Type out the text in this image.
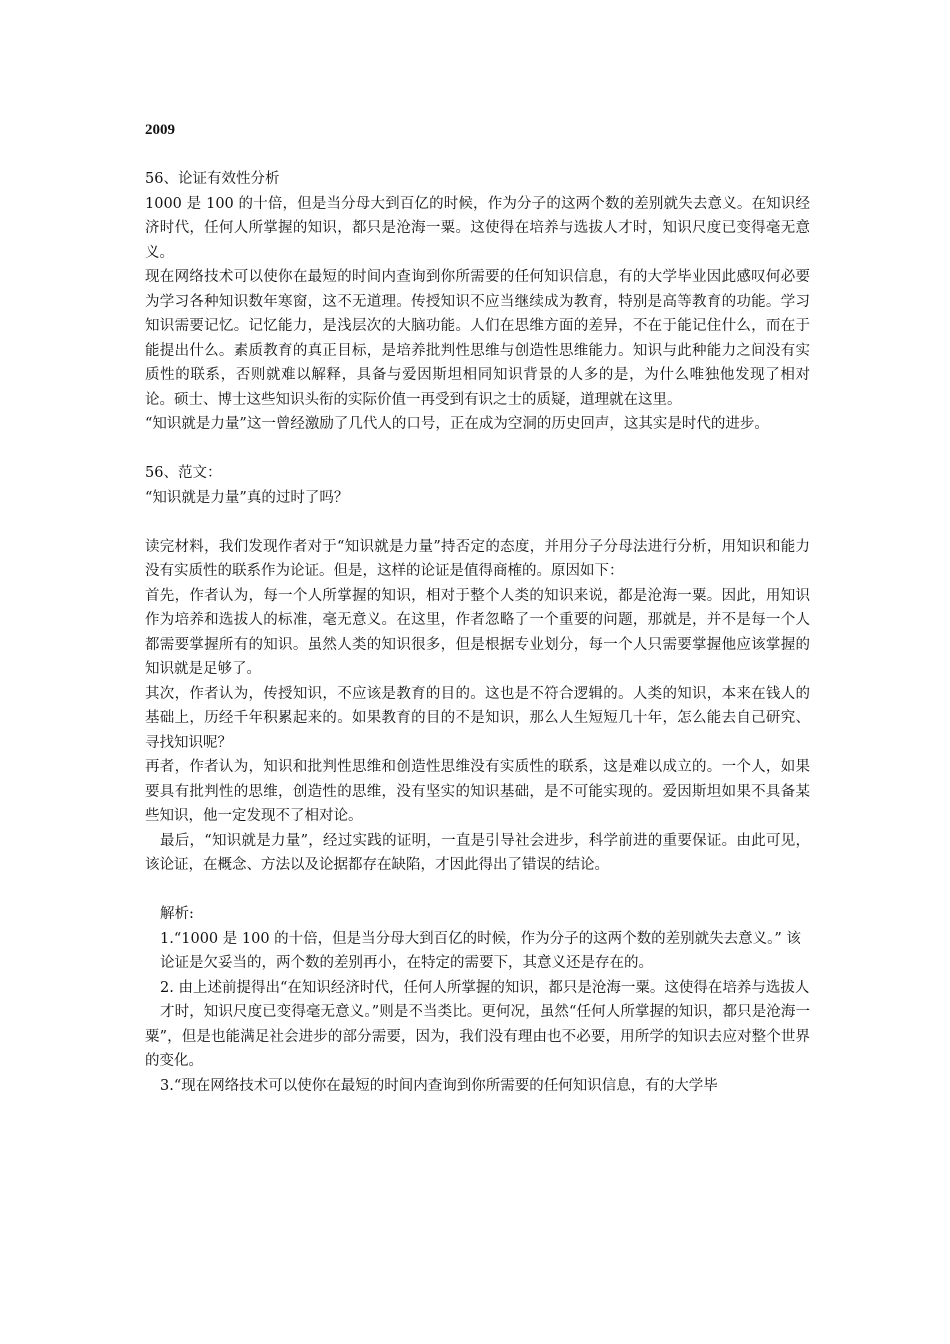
2009

56、论证有效性分析

1000 是 100 的十倍，但是当分母大到百亿的时候，作为分子的这两个数的差别就失去意义。在知识经济时代，任何人所掌握的知识，都只是沧海一粟。这使得在培养与选拔人才时，知识尺度已变得毫无意义。

现在网络技术可以使你在最短的时间内查询到你所需要的任何知识信息，有的大学毕业因此感叹何必要为学习各种知识数年寒窗，这不无道理。传授知识不应当继续成为教育，特别是高等教育的功能。学习知识需要记忆。记忆能力，是浅层次的大脑功能。人们在思维方面的差异，不在于能记住什么，而在于能提出什么。素质教育的真正目标，是培养批判性思维与创造性思维能力。知识与此种能力之间没有实质性的联系，否则就难以解释，具备与爱因斯坦相同知识背景的人多的是，为什么唯独他发现了相对论。硕士、博士这些知识头衔的实际价值一再受到有识之士的质疑，道理就在这里。

“知识就是力量”这一曾经激励了几代人的口号，正在成为空洞的历史回声，这其实是时代的进步。

56、范文：

“知识就是力量”真的过时了吗？

读完材料，我们发现作者对于“知识就是力量”持否定的态度，并用分子分母法进行分析，用知识和能力没有实质性的联系作为论证。但是，这样的论证是值得商榷的。原因如下：

首先，作者认为，每一个人所掌握的知识，相对于整个人类的知识来说，都是沧海一粟。因此，用知识作为培养和选拔人的标准，毫无意义。在这里，作者忽略了一个重要的问题，那就是，并不是每一个人都需要掌握所有的知识。虽然人类的知识很多，但是根据专业划分，每一个人只需要掌握他应该掌握的知识就是足够了。

其次，作者认为，传授知识，不应该是教育的目的。这也是不符合逻辑的。人类的知识，本来在钱人的基础上，历经千年积累起来的。如果教育的目的不是知识，那么人生短短几十年，怎么能去自己研究、寻找知识呢？

再者，作者认为，知识和批判性思维和创造性思维没有实质性的联系，这是难以成立的。一个人，如果要具有批判性的思维，创造性的思维，没有坚实的知识基础，是不可能实现的。爱因斯坦如果不具备某些知识，他一定发现不了相对论。

最后，“知识就是力量”，经过实践的证明，一直是引导社会进步，科学前进的重要保证。由此可见，该论证，在概念、方法以及论据都存在缺陷，才因此得出了错误的结论。

解析:

1.“1000 是 100 的十倍，但是当分母大到百亿的时候，作为分子的这两个数的差别就失去意义。” 该

论证是欠妥当的，两个数的差别再小，在特定的需要下，其意义还是存在的。

2. 由上述前提得出“在知识经济时代，任何人所掌握的知识，都只是沧海一粟。这使得在培养与选拔人

才时，知识尺度已变得毫无意义。”则是不当类比。更何况，虽然“任何人所掌握的知识，都只是沧海一粟”，但是也能满足社会进步的部分需要，因为，我们没有理由也不必要，用所学的知识去应对整个世界的变化。

3.“现在网络技术可以使你在最短的时间内查询到你所需要的任何知识信息，有的大学毕
